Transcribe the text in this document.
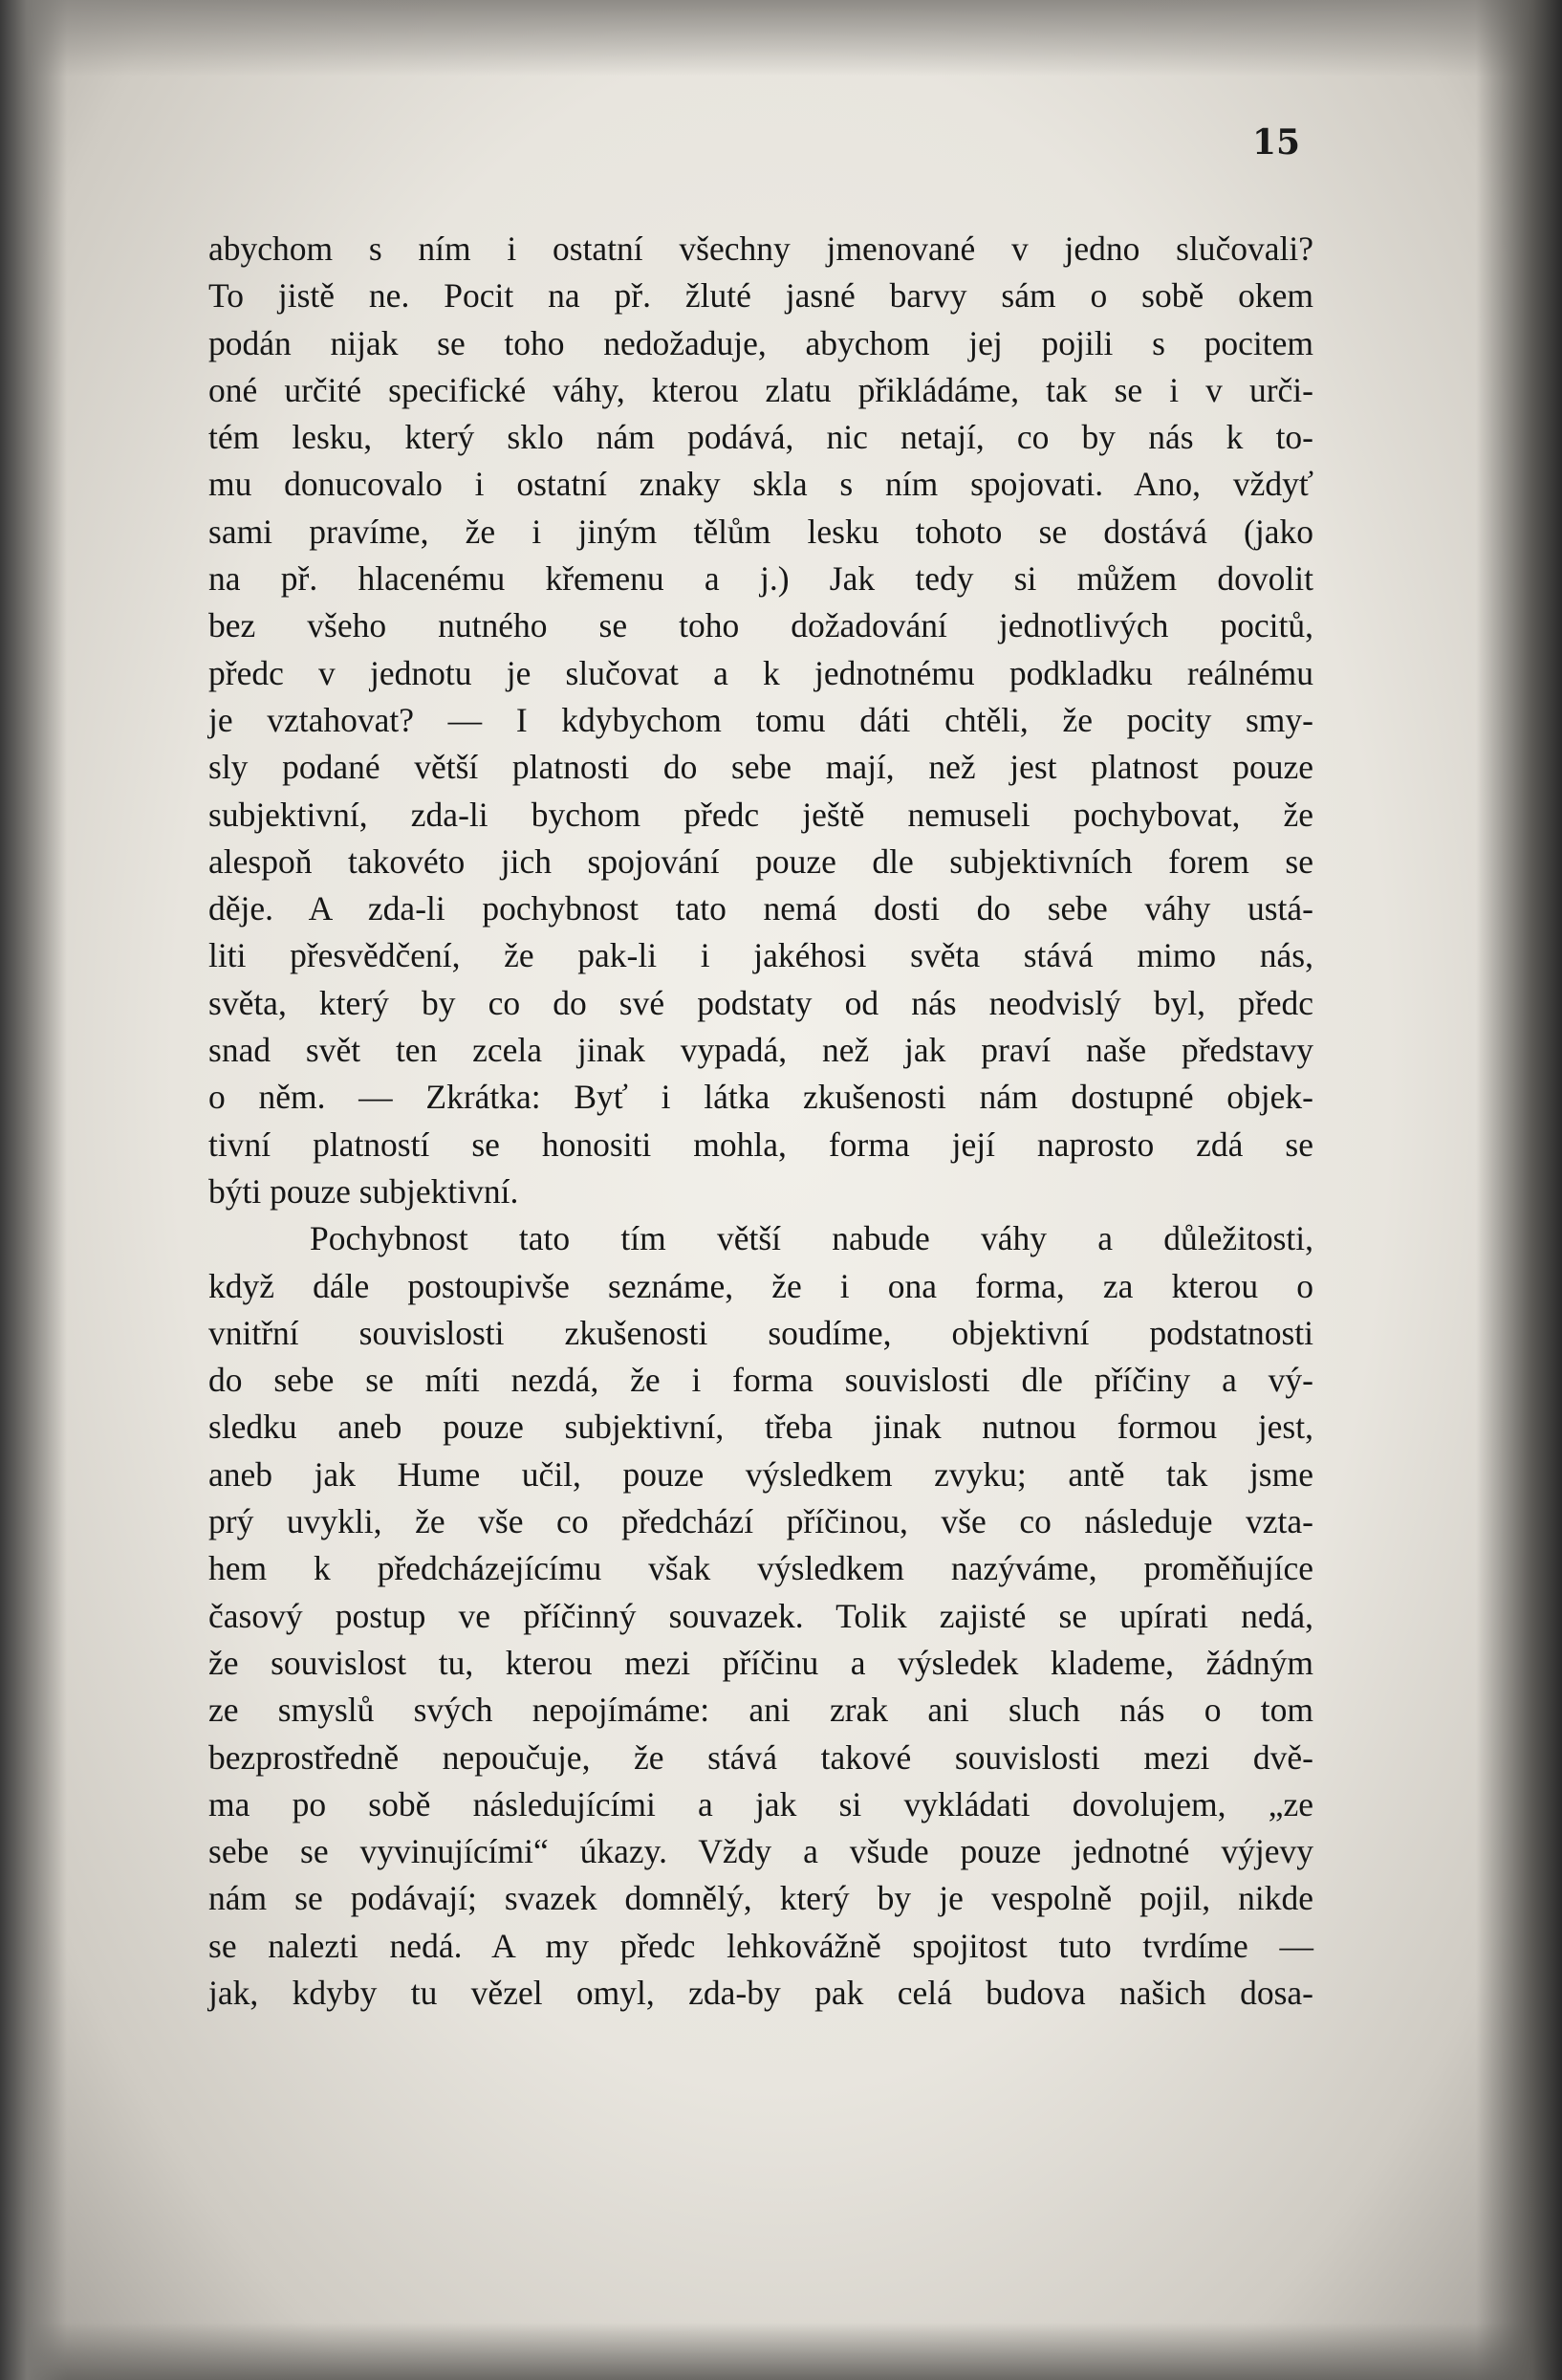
15
abychom s ním i ostatní všechny jmenované v jedno slučovali?
To jistě ne. Pocit na př. žluté jasné barvy sám o sobě okem
podán nijak se toho nedožaduje, abychom jej pojili s pocitem
oné určité specifické váhy, kterou zlatu přikládáme, tak se i v urči-
tém lesku, který sklo nám podává, nic netají, co by nás k to-
mu donucovalo i ostatní znaky skla s ním spojovati. Ano, vždyť
sami pravíme, že i jiným tělům lesku tohoto se dostává (jako
na př. hlacenému křemenu a j.) Jak tedy si můžem dovolit
bez všeho nutného se toho dožadování jednotlivých pocitů,
předc v jednotu je slučovat a k jednotnému podkladku reálnému
je vztahovat? — I kdybychom tomu dáti chtěli, že pocity smy-
sly podané větší platnosti do sebe mají, než jest platnost pouze
subjektivní, zda-li bychom předc ještě nemuseli pochybovat, že
alespoň takovéto jich spojování pouze dle subjektivních forem se
děje. A zda-li pochybnost tato nemá dosti do sebe váhy ustá-
liti přesvědčení, že pak-li i jakéhosi světa stává mimo nás,
světa, který by co do své podstaty od nás neodvislý byl, předc
snad svět ten zcela jinak vypadá, než jak praví naše představy
o něm. — Zkrátka: Byť i látka zkušenosti nám dostupné objek-
tivní platností se honositi mohla, forma její naprosto zdá se
býti pouze subjektivní.
Pochybnost tato tím větší nabude váhy a důležitosti,
když dále postoupivše seznáme, že i ona forma, za kterou o
vnitřní souvislosti zkušenosti soudíme, objektivní podstatnosti
do sebe se míti nezdá, že i forma souvislosti dle příčiny a vý-
sledku aneb pouze subjektivní, třeba jinak nutnou formou jest,
aneb jak Hume učil, pouze výsledkem zvyku; antě tak jsme
prý uvykli, že vše co předchází příčinou, vše co následuje vzta-
hem k předcházejícímu však výsledkem nazýváme, proměňujíce
časový postup ve příčinný souvazek. Tolik zajisté se upírati nedá,
že souvislost tu, kterou mezi příčinu a výsledek klademe, žádným
ze smyslů svých nepojímáme: ani zrak ani sluch nás o tom
bezprostředně nepoučuje, že stává takové souvislosti mezi dvě-
ma po sobě následujícími a jak si vykládati dovolujem, „ze
sebe se vyvinujícími“ úkazy. Vždy a všude pouze jednotné výjevy
nám se podávají; svazek domnělý, který by je vespolně pojil, nikde
se nalezti nedá. A my předc lehkovážně spojitost tuto tvrdíme —
jak, kdyby tu vězel omyl, zda-by pak celá budova našich dosa-
